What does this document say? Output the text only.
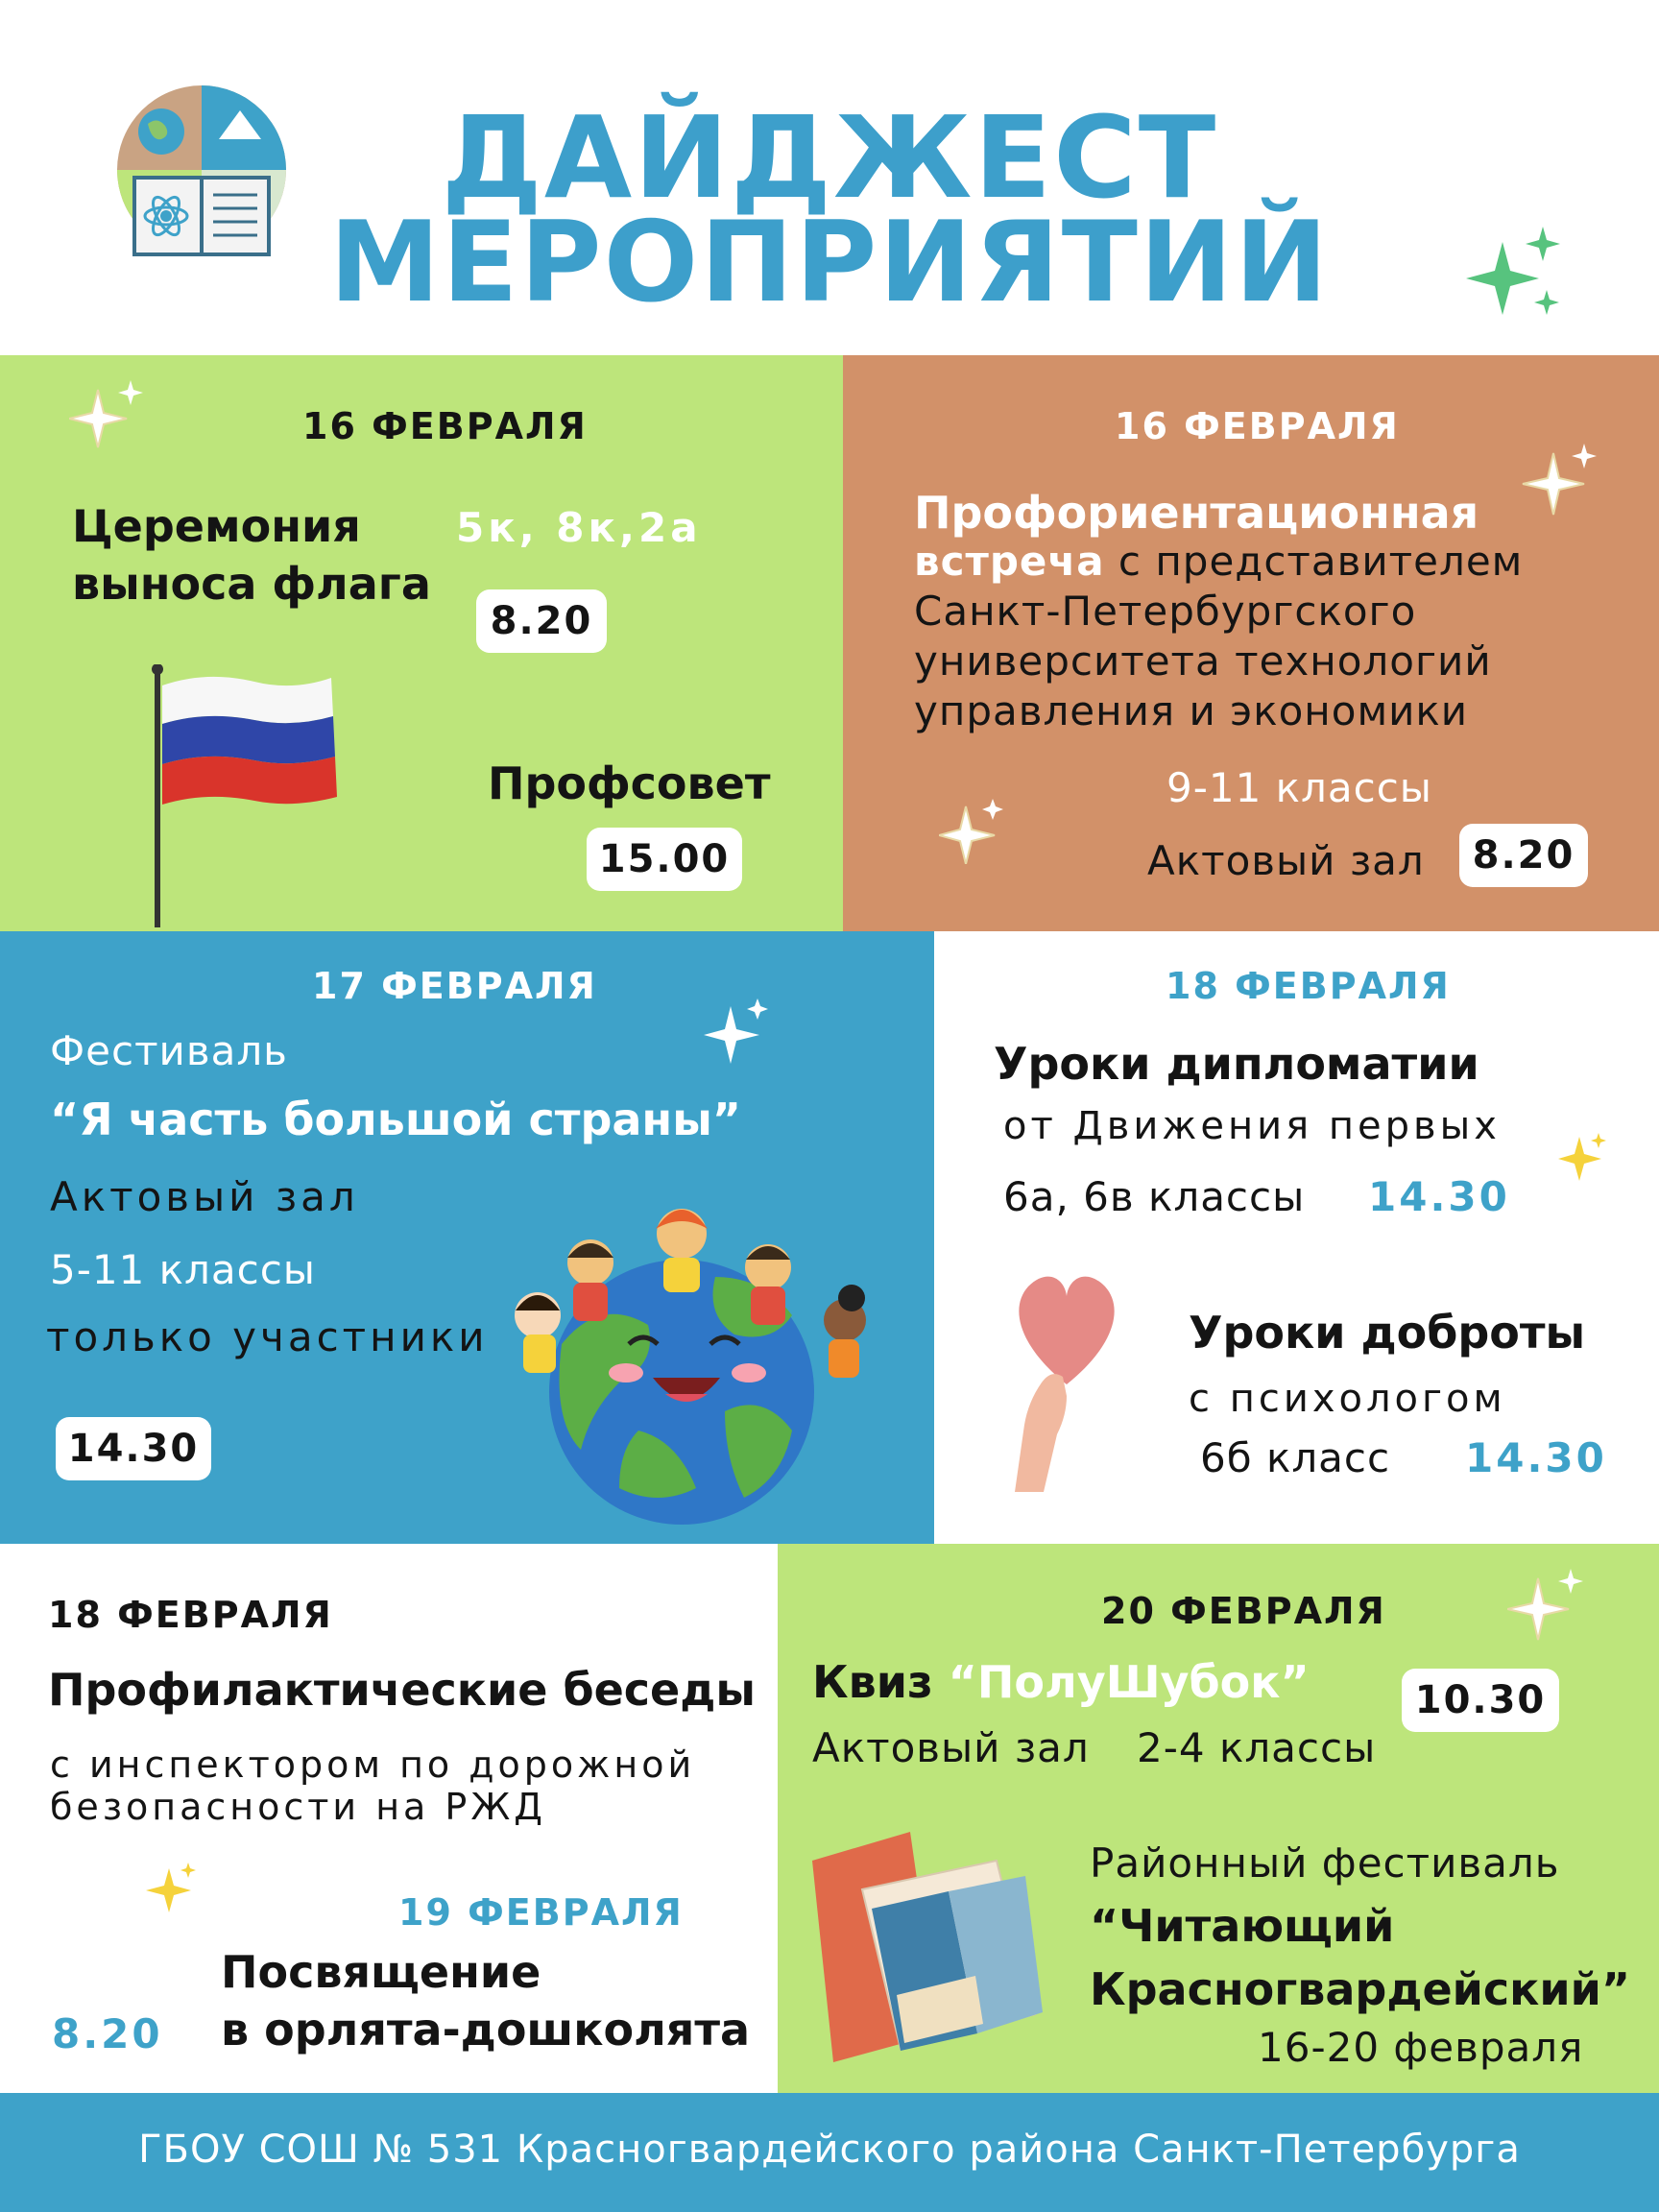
ДАЙДЖЕСТ
МЕРОПРИЯТИЙ
16 ФЕВРАЛЯ
Церемония
выноса флага
5к, 8к,2а
8.20
Профсовет
15.00
16 ФЕВРАЛЯ
Профориентационная
встреча с представителем
Санкт-Петербургского
университета технологий
управления и экономики
9-11 классы
Актовый зал	8.20
17 ФЕВРАЛЯ
Фестиваль
“Я часть большой страны”
Актовый зал
5-11 классы
только участники
14.30
18 ФЕВРАЛЯ
Уроки дипломатии
от Движения первых
6а, 6в классы 14.30
Уроки доброты
с психологом
6б класс 14.30
18 ФЕВРАЛЯ
Профилактические беседы
с инспектором по дорожной
безопасности на РЖД
19 ФЕВРАЛЯ
Посвящение
в орлята-дошколята
8.20
20 ФЕВРАЛЯ
Квиз “ПолуШубок”	10.30
Актовый зал 2-4 классы
Районный фестиваль
“Читающий
Красногвардейский”
16-20 февраля
ГБОУ СОШ № 531 Красногвардейского района Санкт-Петербурга
